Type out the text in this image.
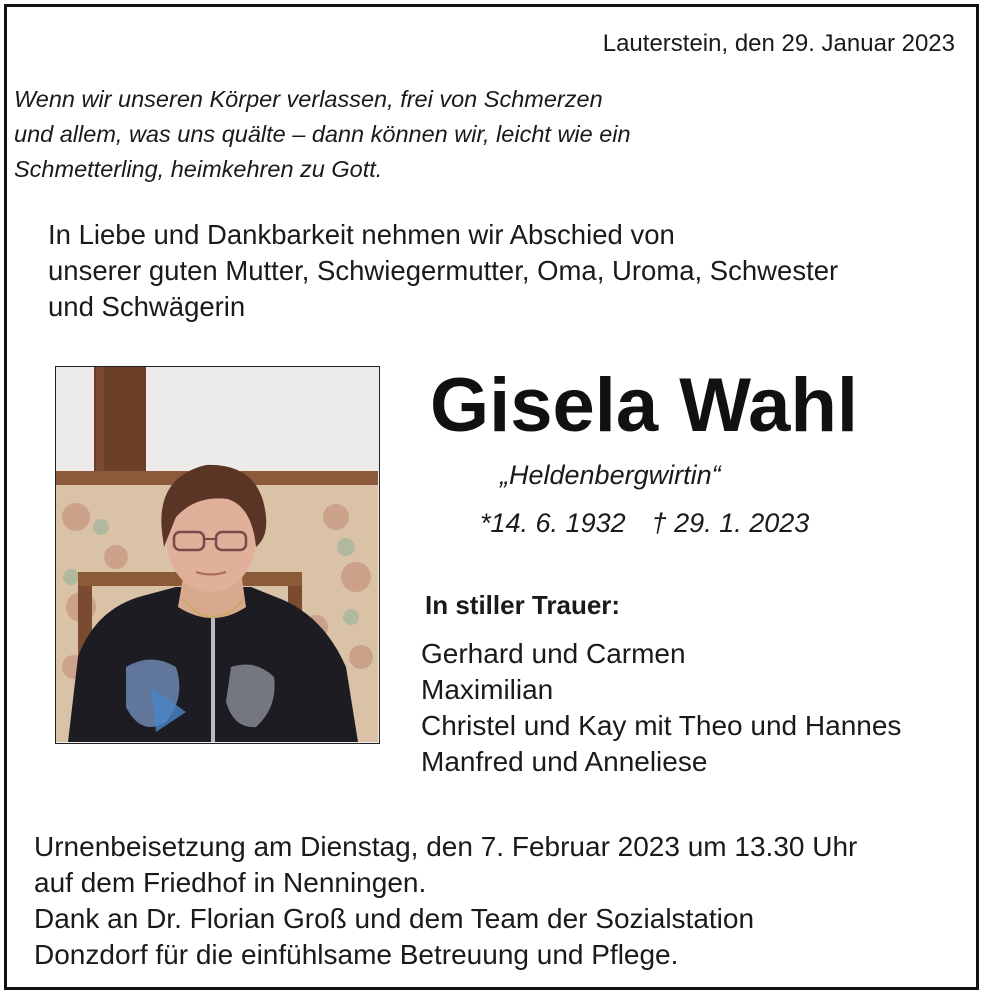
Lauterstein, den 29. Januar 2023
Wenn wir unseren Körper verlassen, frei von Schmerzen
und allem, was uns quälte – dann können wir, leicht wie ein
Schmetterling, heimkehren zu Gott.
In Liebe und Dankbarkeit nehmen wir Abschied von
unserer guten Mutter, Schwiegermutter, Oma, Uroma, Schwester
und Schwägerin
Gisela Wahl
„Heldenbergwirtin“
*14. 6. 1932 † 29. 1. 2023
In stiller Trauer:
Gerhard und Carmen
Maximilian
Christel und Kay mit Theo und Hannes
Manfred und Anneliese
Urnenbeisetzung am Dienstag, den 7. Februar 2023 um 13.30 Uhr
auf dem Friedhof in Nenningen.
Dank an Dr. Florian Groß und dem Team der Sozialstation
Donzdorf für die einfühlsame Betreuung und Pflege.
